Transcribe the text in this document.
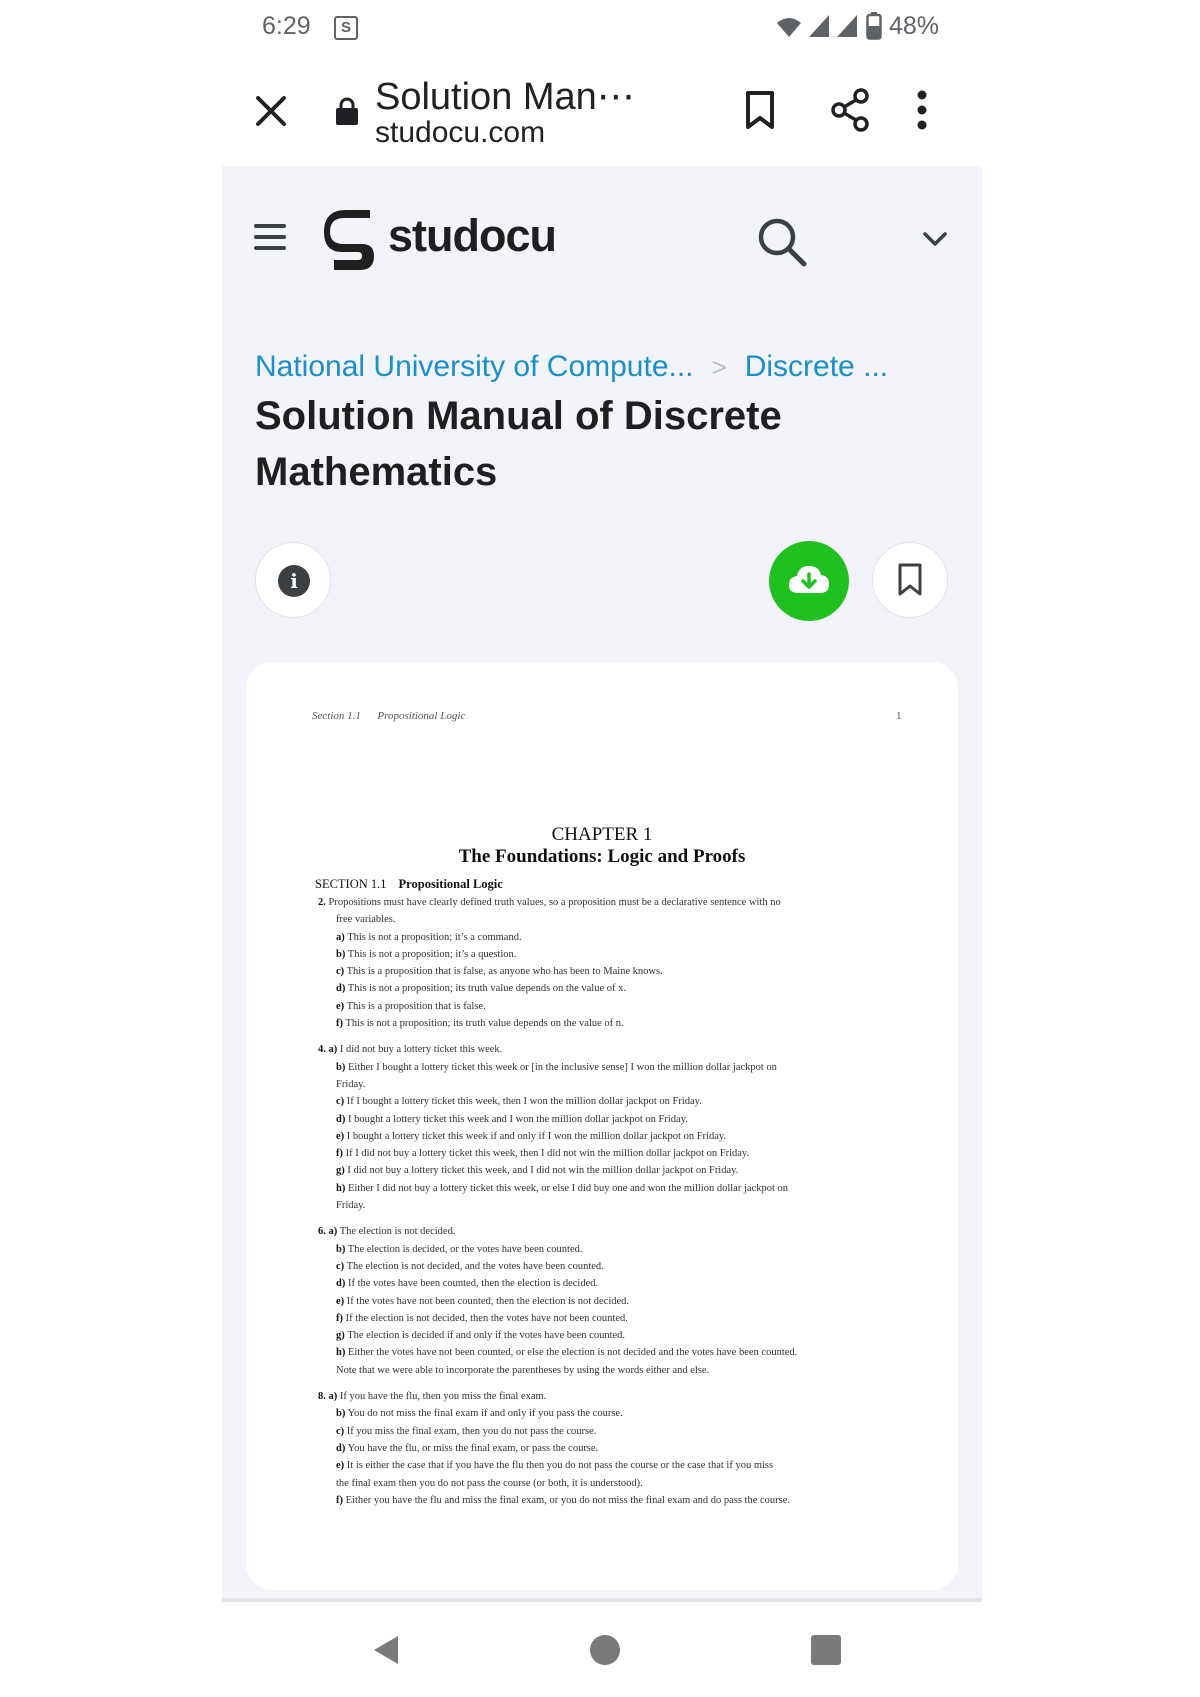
6:29	S	48%
Solution Man⋯
studocu.com
studocu
National University of Compute... > Discrete ...
Solution Manual of Discrete Mathematics
i
Section 1.1 Propositional Logic	1
CHAPTER 1
The Foundations: Logic and Proofs
SECTION 1.1 Propositional Logic
2. Propositions must have clearly defined truth values, so a proposition must be a declarative sentence with no
free variables.
a) This is not a proposition; it’s a command.
b) This is not a proposition; it’s a question.
c) This is a proposition that is false, as anyone who has been to Maine knows.
d) This is not a proposition; its truth value depends on the value of x.
e) This is a proposition that is false.
f) This is not a proposition; its truth value depends on the value of n.
4. a) I did not buy a lottery ticket this week.
b) Either I bought a lottery ticket this week or [in the inclusive sense] I won the million dollar jackpot on
Friday.
c) If I bought a lottery ticket this week, then I won the million dollar jackpot on Friday.
d) I bought a lottery ticket this week and I won the million dollar jackpot on Friday.
e) I bought a lottery ticket this week if and only if I won the million dollar jackpot on Friday.
f) If I did not buy a lottery ticket this week, then I did not win the million dollar jackpot on Friday.
g) I did not buy a lottery ticket this week, and I did not win the million dollar jackpot on Friday.
h) Either I did not buy a lottery ticket this week, or else I did buy one and won the million dollar jackpot on
Friday.
6. a) The election is not decided.
b) The election is decided, or the votes have been counted.
c) The election is not decided, and the votes have been counted.
d) If the votes have been counted, then the election is decided.
e) If the votes have not been counted, then the election is not decided.
f) If the election is not decided, then the votes have not been counted.
g) The election is decided if and only if the votes have been counted.
h) Either the votes have not been counted, or else the election is not decided and the votes have been counted.
Note that we were able to incorporate the parentheses by using the words either and else.
8. a) If you have the flu, then you miss the final exam.
b) You do not miss the final exam if and only if you pass the course.
c) If you miss the final exam, then you do not pass the course.
d) You have the flu, or miss the final exam, or pass the course.
e) It is either the case that if you have the flu then you do not pass the course or the case that if you miss
the final exam then you do not pass the course (or both, it is understood).
f) Either you have the flu and miss the final exam, or you do not miss the final exam and do pass the course.
